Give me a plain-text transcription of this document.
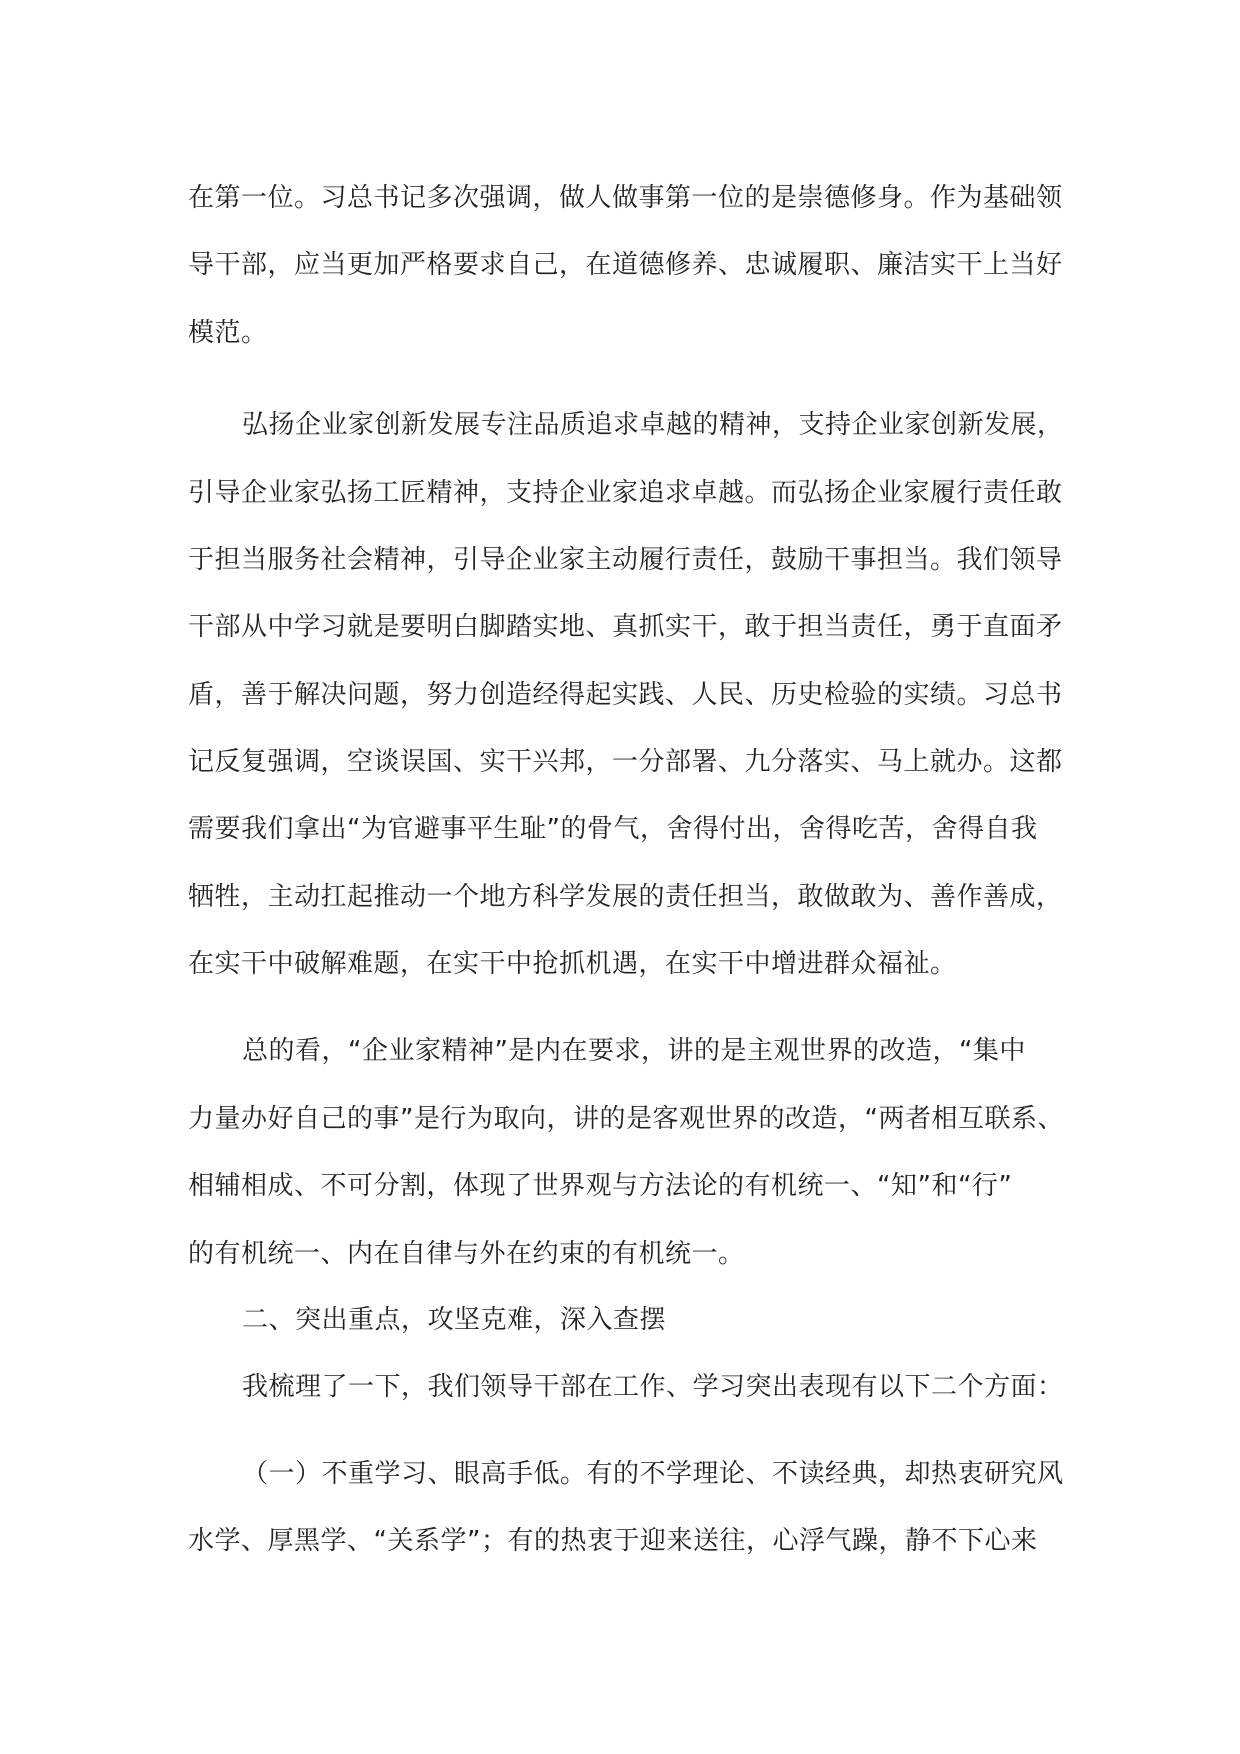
在第一位。习总书记多次强调，做人做事第一位的是崇德修身。作为基础领
导干部，应当更加严格要求自己，在道德修养、忠诚履职、廉洁实干上当好
模范。
弘扬企业家创新发展专注品质追求卓越的精神，支持企业家创新发展，
引导企业家弘扬工匠精神，支持企业家追求卓越。而弘扬企业家履行责任敢
于担当服务社会精神，引导企业家主动履行责任，鼓励干事担当。我们领导
干部从中学习就是要明白脚踏实地、真抓实干，敢于担当责任，勇于直面矛
盾，善于解决问题，努力创造经得起实践、人民、历史检验的实绩。习总书
记反复强调，空谈误国、实干兴邦，一分部署、九分落实、马上就办。这都
需要我们拿出“为官避事平生耻”的骨气，舍得付出，舍得吃苦，舍得自我
牺牲，主动扛起推动一个地方科学发展的责任担当，敢做敢为、善作善成，
在实干中破解难题，在实干中抢抓机遇，在实干中增进群众福祉。
总的看，“企业家精神”是内在要求，讲的是主观世界的改造，“集中
力量办好自己的事”是行为取向，讲的是客观世界的改造，“两者相互联系、
相辅相成、不可分割，体现了世界观与方法论的有机统一、“知”和“行”
的有机统一、内在自律与外在约束的有机统一。
二、突出重点，攻坚克难，深入查摆
我梳理了一下，我们领导干部在工作、学习突出表现有以下二个方面：
（一）不重学习、眼高手低。有的不学理论、不读经典，却热衷研究风
水学、厚黑学、“关系学”；有的热衷于迎来送往，心浮气躁，静不下心来
